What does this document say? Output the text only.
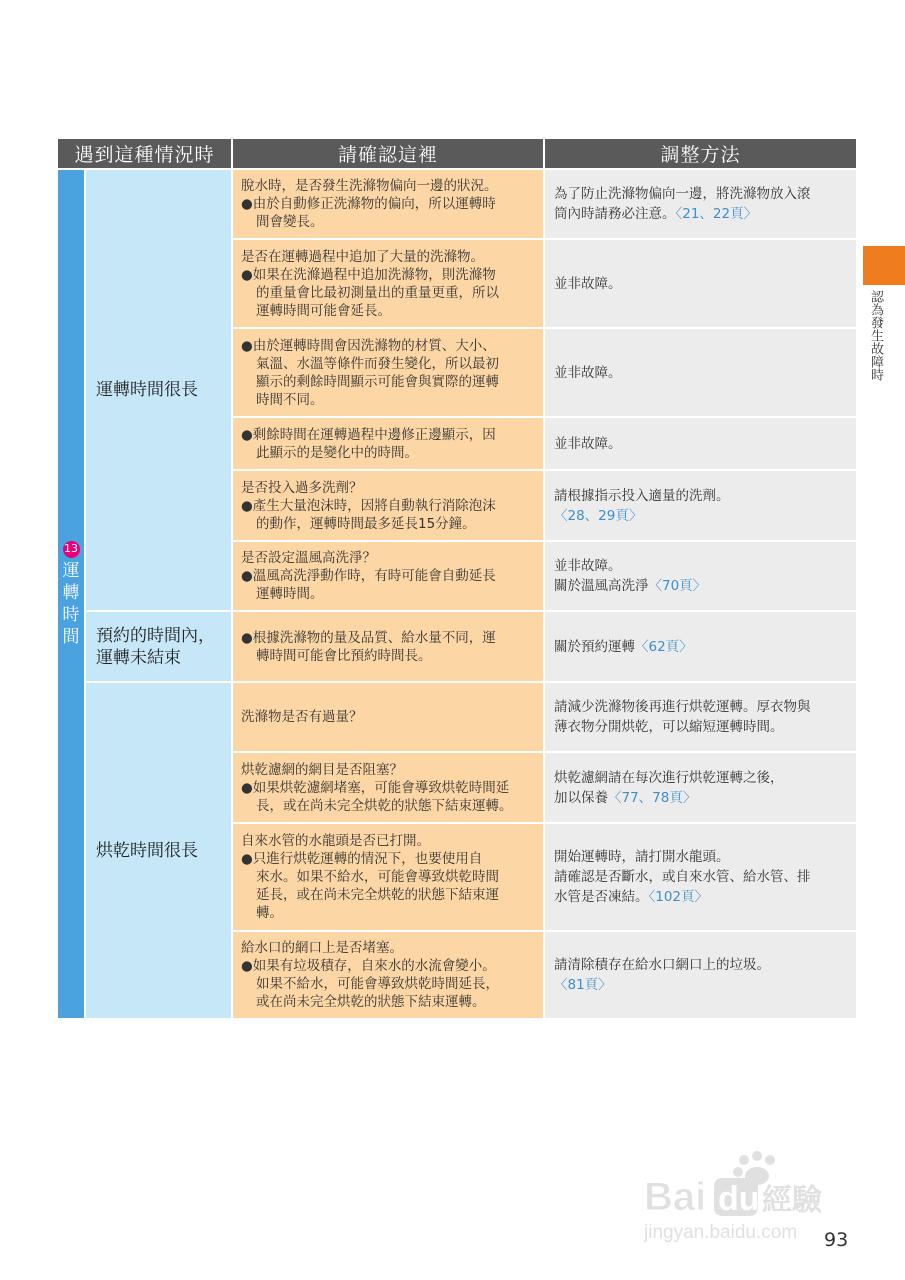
遇到這種情況時	請確認這裡	調整方法
13
運
轉
時
間
運轉時間很長
預約的時間內，
運轉未結束
烘乾時間很長
脫水時，是否發生洗滌物偏向一邊的狀況。
●由於自動修正洗滌物的偏向，所以運轉時
間會變長。
為了防止洗滌物偏向一邊，將洗滌物放入滾
筒內時請務必注意。〈21、22頁〉
是否在運轉過程中追加了大量的洗滌物。
●如果在洗滌過程中追加洗滌物，則洗滌物
的重量會比最初測量出的重量更重，所以
運轉時間可能會延長。
並非故障。
●由於運轉時間會因洗滌物的材質、大小、
氣溫、水溫等條件而發生變化，所以最初
顯示的剩餘時間顯示可能會與實際的運轉
時間不同。
並非故障。
●剩餘時間在運轉過程中邊修正邊顯示，因
此顯示的是變化中的時間。
並非故障。
是否投入過多洗劑？
●產生大量泡沫時，因將自動執行消除泡沫
的動作，運轉時間最多延長15分鐘。
請根據指示投入適量的洗劑。
〈28、29頁〉
是否設定溫風高洗淨？
●溫風高洗淨動作時，有時可能會自動延長
運轉時間。
並非故障。
關於溫風高洗淨〈70頁〉
●根據洗滌物的量及品質、給水量不同，運
轉時間可能會比預約時間長。
關於預約運轉〈62頁〉
洗滌物是否有過量？
請減少洗滌物後再進行烘乾運轉。厚衣物與
薄衣物分開烘乾，可以縮短運轉時間。
烘乾濾網的網目是否阻塞？
●如果烘乾濾網堵塞，可能會導致烘乾時間延
長，或在尚未完全烘乾的狀態下結束運轉。
烘乾濾網請在每次進行烘乾運轉之後，
加以保養〈77、78頁〉
自來水管的水龍頭是否已打開。
●只進行烘乾運轉的情況下，也要使用自
來水。如果不給水，可能會導致烘乾時間
延長，或在尚未完全烘乾的狀態下結束運
轉。
開始運轉時，請打開水龍頭。
請確認是否斷水，或自來水管、給水管、排
水管是否凍結。〈102頁〉
給水口的網口上是否堵塞。
●如果有垃圾積存，自來水的水流會變小。
如果不給水，可能會導致烘乾時間延長，
或在尚未完全烘乾的狀態下結束運轉。
請清除積存在給水口網口上的垃圾。
〈81頁〉
認為發生故障時
Bai du 經驗
jingyan.baidu.com 93
